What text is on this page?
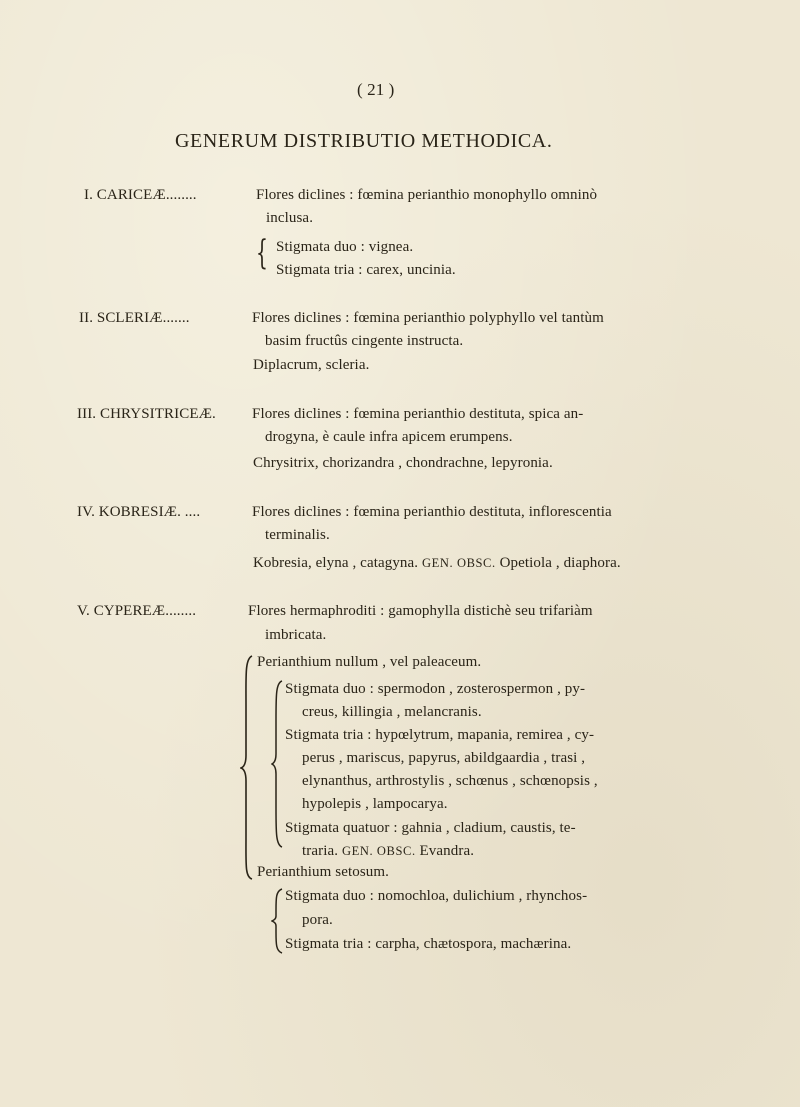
( 21 )
GENERUM DISTRIBUTIO METHODICA.
I. CARICEÆ........	Flores diclines : fœmina perianthio monophyllo omninò
inclusa.
{ Stigmata duo : vignea.
Stigmata tria : carex, uncinia.
II. SCLERIÆ.......	Flores diclines : fœmina perianthio polyphyllo vel tantùm
basim fructûs cingente instructa.
Diplacrum, scleria.
III. CHRYSITRICEÆ. Flores diclines : fœmina perianthio destituta, spica an-
drogyna, è caule infra apicem erumpens.
Chrysitrix, chorizandra , chondrachne, lepyronia.
IV. KOBRESIÆ. ....	Flores diclines : fœmina perianthio destituta, inflorescentia
terminalis.
Kobresia, elyna , catagyna. GEN. OBSC. Opetiola , diaphora.
V. CYPEREÆ........	Flores hermaphroditi : gamophylla distichè seu trifariàm
imbricata.
Perianthium nullum , vel paleaceum.
Stigmata duo : spermodon , zosterospermon , py-
creus, killingia , melancranis.
Stigmata tria : hypœlytrum, mapania, remirea , cy-
perus , mariscus, papyrus, abildgaardia , trasi ,
elynanthus, arthrostylis , schœnus , schœnopsis ,
hypolepis , lampocarya.
Stigmata quatuor : gahnia , cladium, caustis, te-
traria. GEN. OBSC. Evandra.
Perianthium setosum.
Stigmata duo : nomochloa, dulichium , rhynchos-
pora.
Stigmata tria : carpha, chætospora, machærina.
